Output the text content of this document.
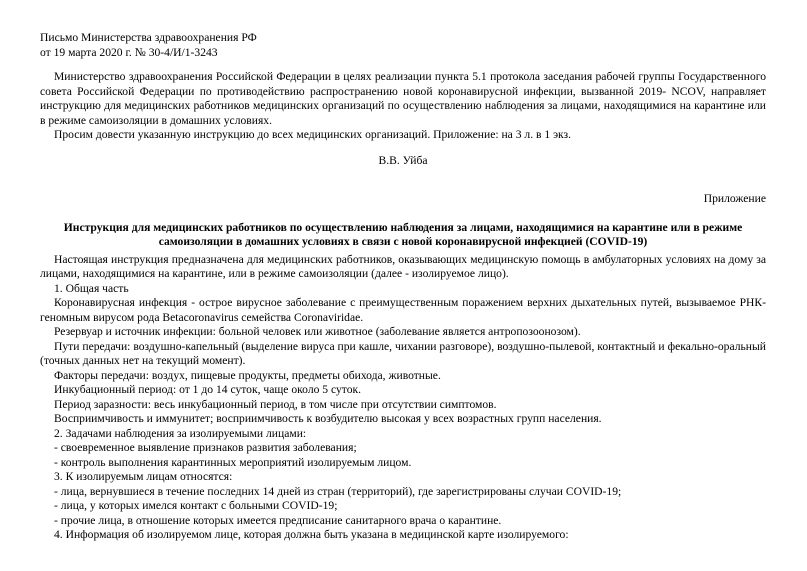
Письмо Министерства здравоохранения РФ

от 19 марта 2020 г. № 30-4/И/1-3243

Министерство здравоохранения Российской Федерации в целях реализации пункта 5.1 протокола заседания рабочей группы Государственного совета Российской Федерации по противодействию распространению новой коронавирусной инфекции, вызванной 2019- NCOV, направляет инструкцию для медицинских работников медицинских организаций по осуществлению наблюдения за лицами, находящимися на карантине или в режиме самоизоляции в домашних условиях.

Просим довести указанную инструкцию до всех медицинских организаций. Приложение: на 3 л. в 1 экз.

В.В. Уйба

Приложение

Инструкция для медицинских работников по осуществлению наблюдения за лицами, находящимися на карантине или в режиме самоизоляции в домашних условиях в связи с новой коронавирусной инфекцией (COVID-19)

Настоящая инструкция предназначена для медицинских работников, оказывающих медицинскую помощь в амбулаторных условиях на дому за лицами, находящимися на карантине, или в режиме самоизоляции (далее - изолируемое лицо).

1. Общая часть

Коронавирусная инфекция - острое вирусное заболевание с преимущественным поражением верхних дыхательных путей, вызываемое РНК-геномным вирусом рода Betacoronavirus семейства Coronaviridae.

Резервуар и источник инфекции: больной человек или животное (заболевание является антропозоонозом).

Пути передачи: воздушно-капельный (выделение вируса при кашле, чихании разговоре), воздушно-пылевой, контактный и фекально-оральный (точных данных нет на текущий момент).

Факторы передачи: воздух, пищевые продукты, предметы обихода, животные.

Инкубационный период: от 1 до 14 суток, чаще около 5 суток.

Период заразности: весь инкубационный период, в том числе при отсутствии симптомов.

Восприимчивость и иммунитет; восприимчивость к возбудителю высокая у всех возрастных групп населения.

2. Задачами наблюдения за изолируемыми лицами:

- своевременное выявление признаков развития заболевания;
- контроль выполнения карантинных мероприятий изолируемым лицом.

3. К изолируемым лицам относятся:

- лица, вернувшиеся в течение последних 14 дней из стран (территорий), где зарегистрированы случаи COVID-19;
- лица, у которых имелся контакт с больными COVID-19;
- прочие лица, в отношение которых имеется предписание санитарного врача о карантине.

4. Информация об изолируемом лице, которая должна быть указана в медицинской карте изолируемого:
